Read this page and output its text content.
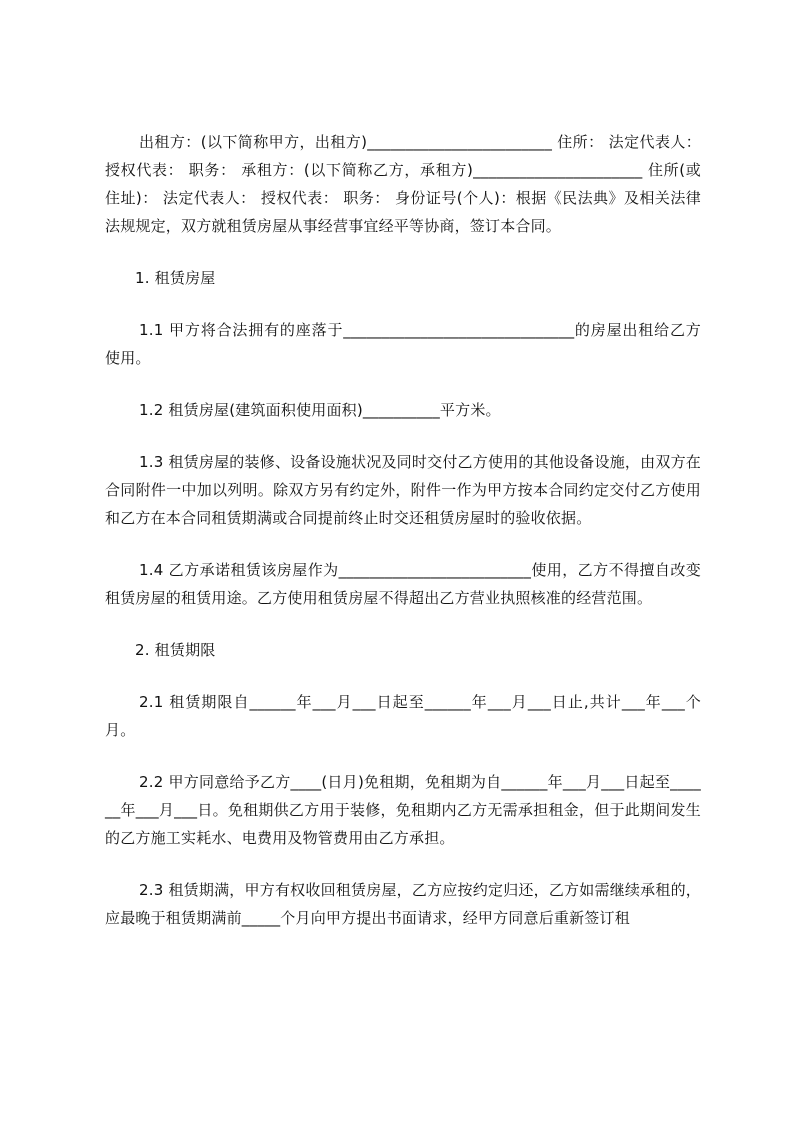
出租方：(以下简称甲方，出租方)________________________ 住所： 法定代表人： 授权代表： 职务： 承租方：(以下简称乙方，承租方)______________________ 住所(或住址)： 法定代表人： 授权代表： 职务： 身份证号(个人)：根据《民法典》及相关法律法规规定，双方就租赁房屋从事经营事宜经平等协商，签订本合同。

1. 租赁房屋

1.1 甲方将合法拥有的座落于______________________________的房屋出租给乙方使用。

1.2 租赁房屋(建筑面积使用面积)__________平方米。

1.3 租赁房屋的装修、设备设施状况及同时交付乙方使用的其他设备设施，由双方在合同附件一中加以列明。除双方另有约定外，附件一作为甲方按本合同约定交付乙方使用和乙方在本合同租赁期满或合同提前终止时交还租赁房屋时的验收依据。

1.4 乙方承诺租赁该房屋作为_________________________使用，乙方不得擅自改变租赁房屋的租赁用途。乙方使用租赁房屋不得超出乙方营业执照核准的经营范围。

2. 租赁期限

2.1 租赁期限自______年___月___日起至______年___月___日止,共计___年___个月。

2.2 甲方同意给予乙方____(日月)免租期，免租期为自______年___月___日起至______年___月___日。免租期供乙方用于装修，免租期内乙方无需承担租金，但于此期间发生的乙方施工实耗水、电费用及物管费用由乙方承担。

2.3 租赁期满，甲方有权收回租赁房屋，乙方应按约定归还，乙方如需继续承租的，应最晚于租赁期满前_____个月向甲方提出书面请求，经甲方同意后重新签订租
